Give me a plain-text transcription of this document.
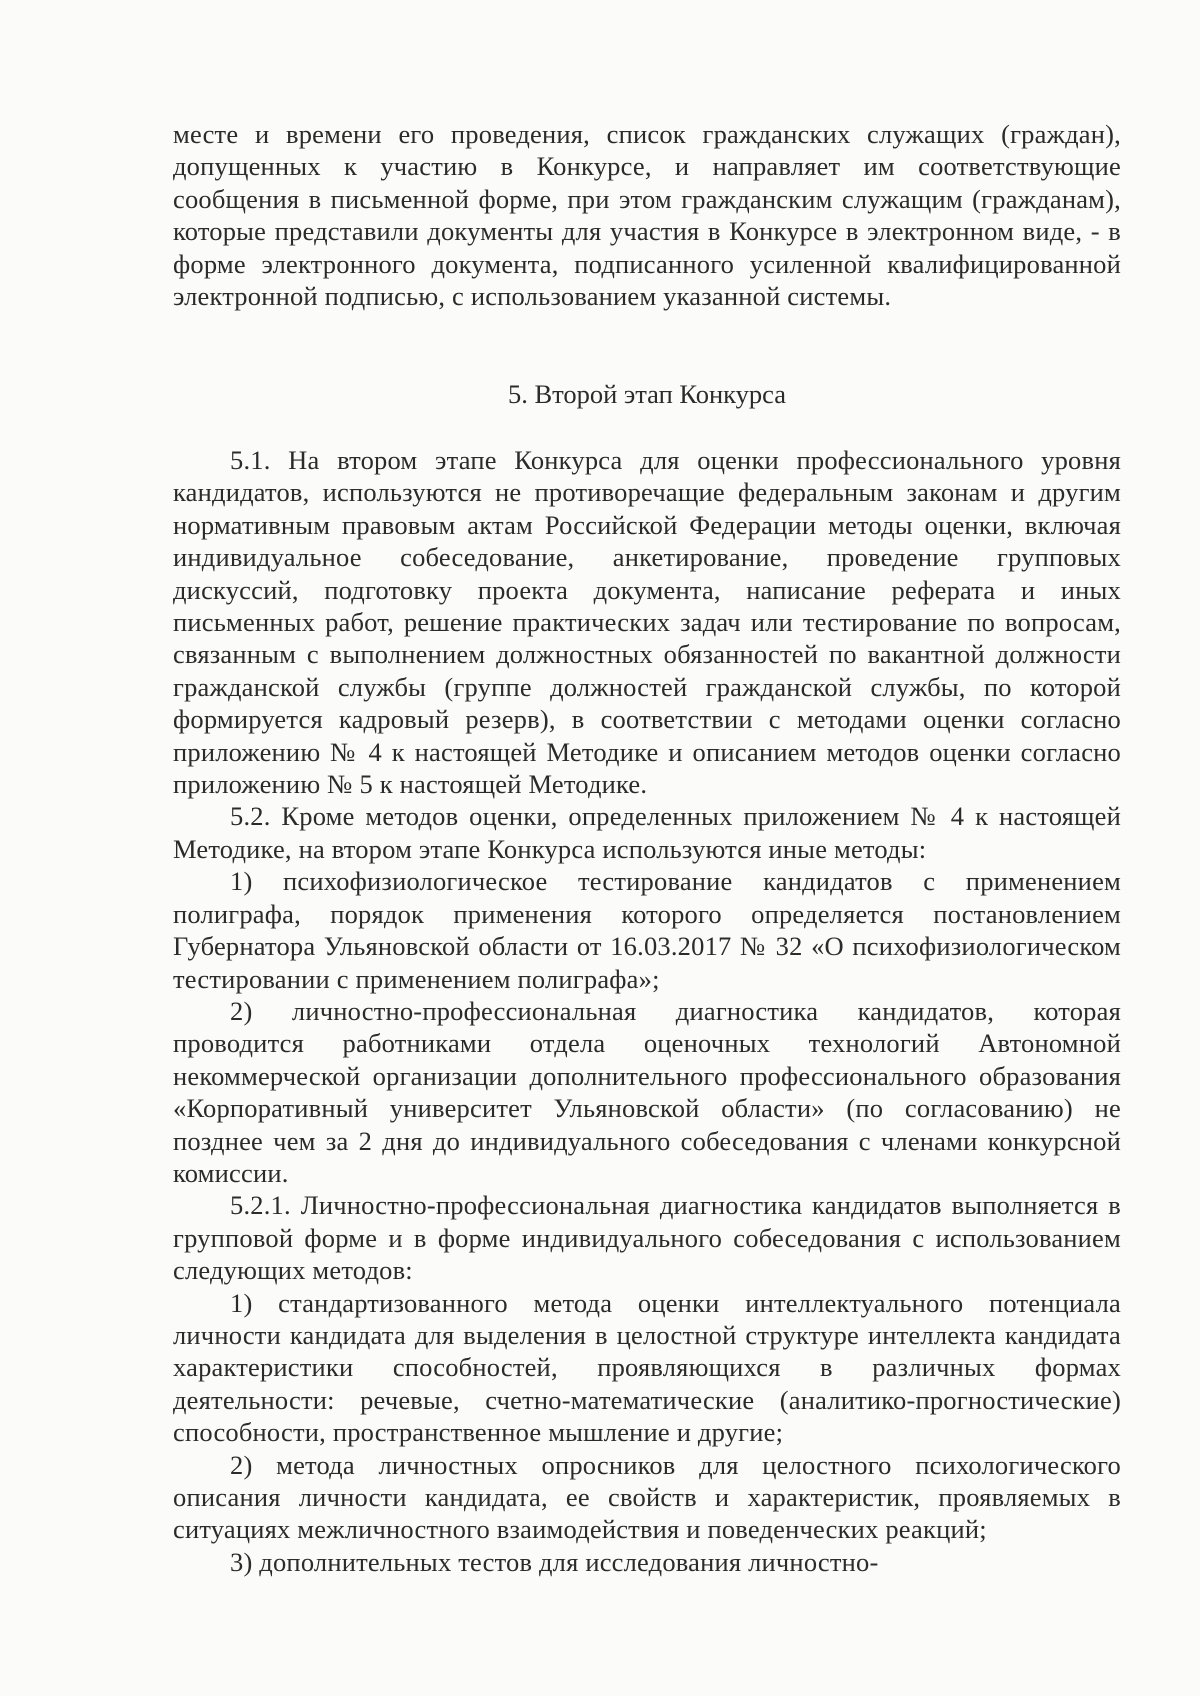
месте и времени его проведения, список гражданских служащих (граждан), допущенных к участию в Конкурсе, и направляет им соответствующие сообщения в письменной форме, при этом гражданским служащим (гражданам), которые представили документы для участия в Конкурсе в электронном виде, - в форме электронного документа, подписанного усиленной квалифицированной электронной подписью, с использованием указанной системы.

5. Второй этап Конкурса

5.1. На втором этапе Конкурса для оценки профессионального уровня кандидатов, используются не противоречащие федеральным законам и другим нормативным правовым актам Российской Федерации методы оценки, включая индивидуальное собеседование, анкетирование, проведение групповых дискуссий, подготовку проекта документа, написание реферата и иных письменных работ, решение практических задач или тестирование по вопросам, связанным с выполнением должностных обязанностей по вакантной должности гражданской службы (группе должностей гражданской службы, по которой формируется кадровый резерв), в соответствии с методами оценки согласно приложению № 4 к настоящей Методике и описанием методов оценки согласно приложению № 5 к настоящей Методике.

5.2. Кроме методов оценки, определенных приложением № 4 к настоящей Методике, на втором этапе Конкурса используются иные методы:

1) психофизиологическое тестирование кандидатов с применением полиграфа, порядок применения которого определяется постановлением Губернатора Ульяновской области от 16.03.2017 № 32 «О психофизиологическом тестировании с применением полиграфа»;

2) личностно-профессиональная диагностика кандидатов, которая проводится работниками отдела оценочных технологий Автономной некоммерческой организации дополнительного профессионального образования «Корпоративный университет Ульяновской области» (по согласованию) не позднее чем за 2 дня до индивидуального собеседования с членами конкурсной комиссии.

5.2.1. Личностно-профессиональная диагностика кандидатов выполняется в групповой форме и в форме индивидуального собеседования с использованием следующих методов:

1) стандартизованного метода оценки интеллектуального потенциала личности кандидата для выделения в целостной структуре интеллекта кандидата характеристики способностей, проявляющихся в различных формах деятельности: речевые, счетно-математические (аналитико-прогностические) способности, пространственное мышление и другие;

2) метода личностных опросников для целостного психологического описания личности кандидата, ее свойств и характеристик, проявляемых в ситуациях межличностного взаимодействия и поведенческих реакций;

3) дополнительных тестов для исследования личностно-
